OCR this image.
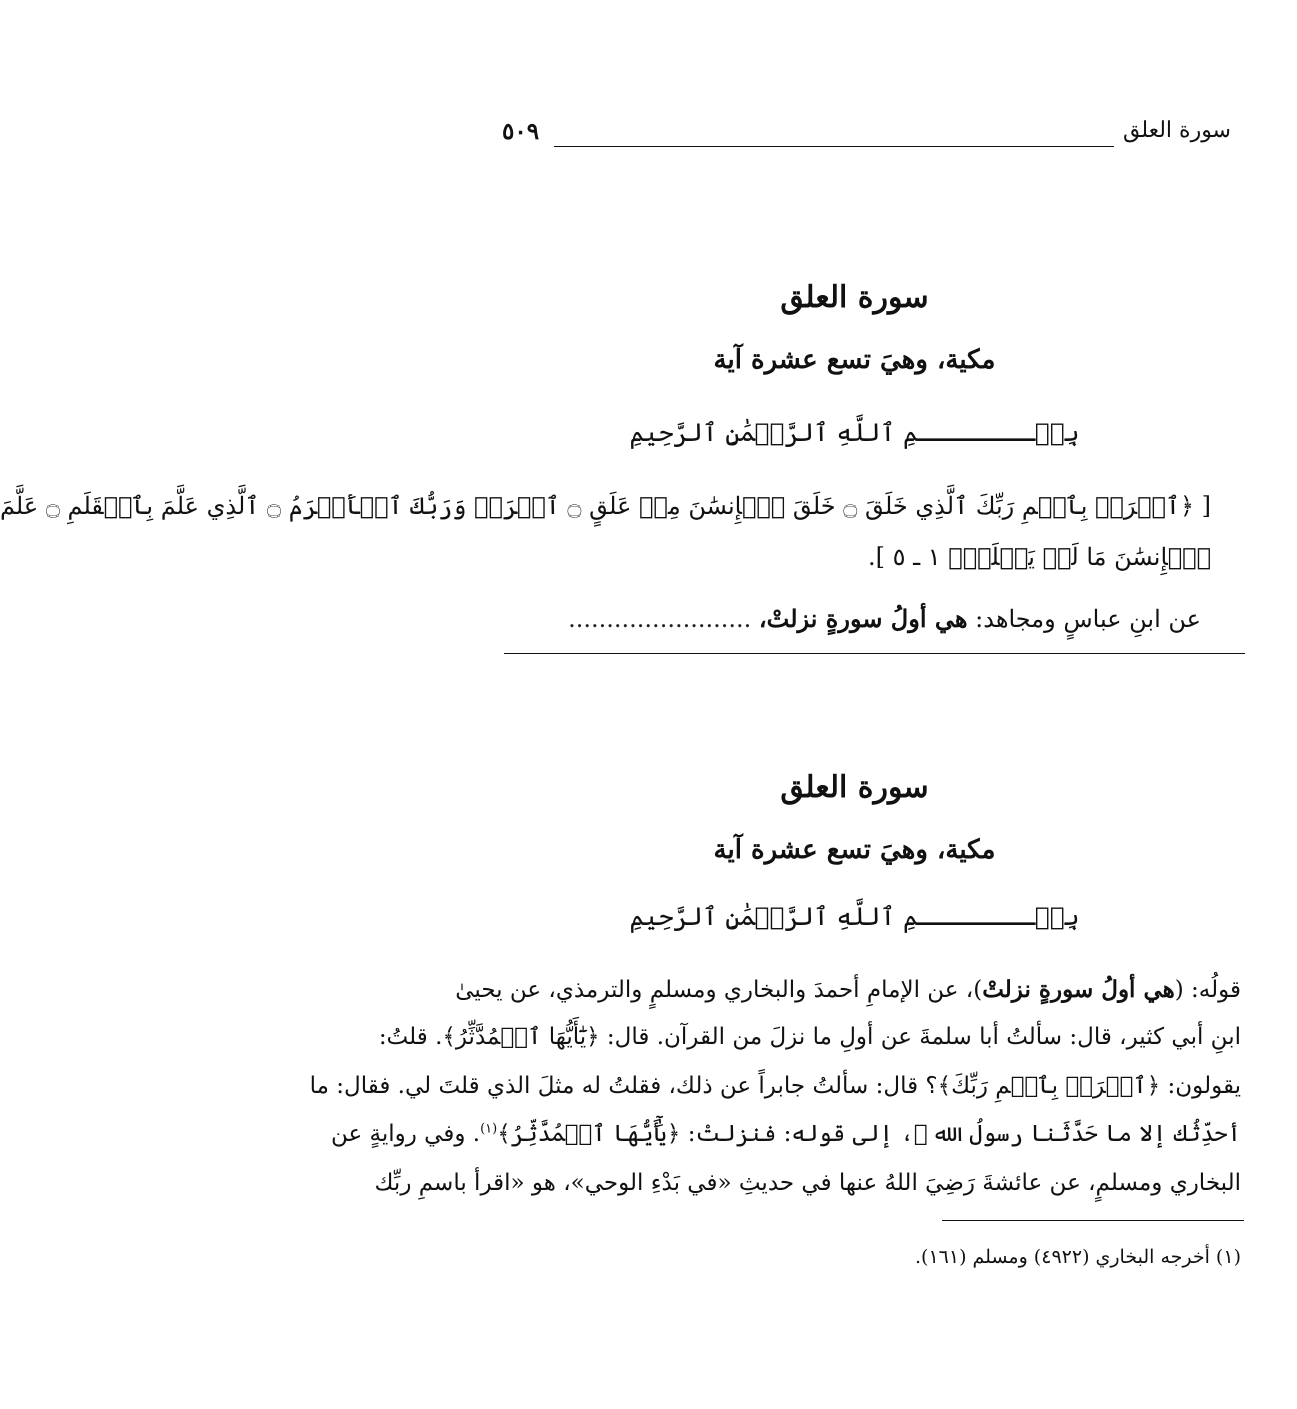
سورة العلق
٥٠٩
سورة العلق
مكية، وهيَ تسع عشرة آية
بِسۡــــــــمِ ٱللَّهِ ٱلرَّحۡمَٰنِ ٱلرَّحِيمِ
[ ﴿ٱقۡرَأۡ بِٱسۡمِ رَبِّكَ ٱلَّذِي خَلَقَ ۝ خَلَقَ ٱلۡإِنسَٰنَ مِنۡ عَلَقٍ ۝ ٱقۡرَأۡ وَرَبُّكَ ٱلۡأَكۡرَمُ ۝ ٱلَّذِي عَلَّمَ بِٱلۡقَلَمِ ۝ عَلَّمَ
ٱلۡإِنسَٰنَ مَا لَمۡ يَعۡلَمۡ﴾ ١ ـ ٥ ].
عن ابنِ عباسٍ ومجاهد: هي أولُ سورةٍ نزلتْ، ........................
سورة العلق
مكية، وهيَ تسع عشرة آية
بِسۡــــــــمِ ٱللَّهِ ٱلرَّحۡمَٰنِ ٱلرَّحِيمِ
قولُه: (هي أولُ سورةٍ نزلتْ)، عن الإمامِ أحمدَ والبخاري ومسلمٍ والترمذي، عن يحيىٰ
ابنِ أبي كثير، قال: سألتُ أبا سلمةَ عن أولِ ما نزلَ من القرآن. قال: ﴿يَٰٓأَيُّهَا ٱلۡمُدَّثِّرُ﴾. قلتُ:
يقولون: ﴿ٱقۡرَأۡ بِٱسۡمِ رَبِّكَ﴾؟ قال: سألتُ جابراً عن ذلك، فقلتُ له مثلَ الذي قلتَ لي. فقال: ما
أحدِّثُك إلا ما حَدَّثَنا رسولُ الله ﷺ، إلى قوله: فنزلتْ: ﴿يَٰٓأَيُّهَا ٱلۡمُدَّثِّرُ﴾$^{(١)}$. وفي روايةٍ عن
البخاري ومسلمٍ، عن عائشةَ رَضِيَ اللهُ عنها في حديثِ «في بَدْءِ الوحي»، هو «اقرأ باسمِ ربِّك
(١) أخرجه البخاري (٤٩٢٢) ومسلم (١٦١).
